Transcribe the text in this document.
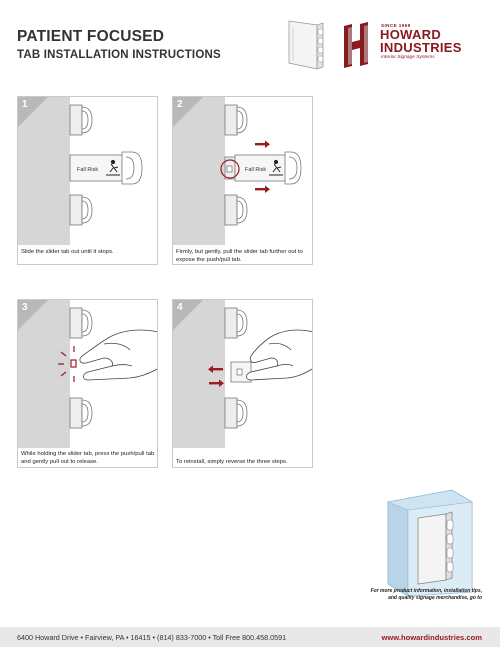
PATIENT FOCUSED
TAB INSTALLATION INSTRUCTIONS
SINCE 1969
HOWARD
INDUSTRIES
Interior Signage Systems
Fall Risk
1
Slide the slider tab out until it stops.
Fall Risk
2
Firmly, but gently, pull the slider tab further out to expose the push/pull tab.
3
While holding the slider tab, press the push/pull tab and gently pull out to release.
4
To reinstall, simply reverse the three steps.
For more product information, installation tips,
and quality signage merchandise, go to
6400 Howard Drive • Fairview, PA • 16415 • (814) 833-7000 • Toll Free 800.458.0591	www.howardindustries.com
